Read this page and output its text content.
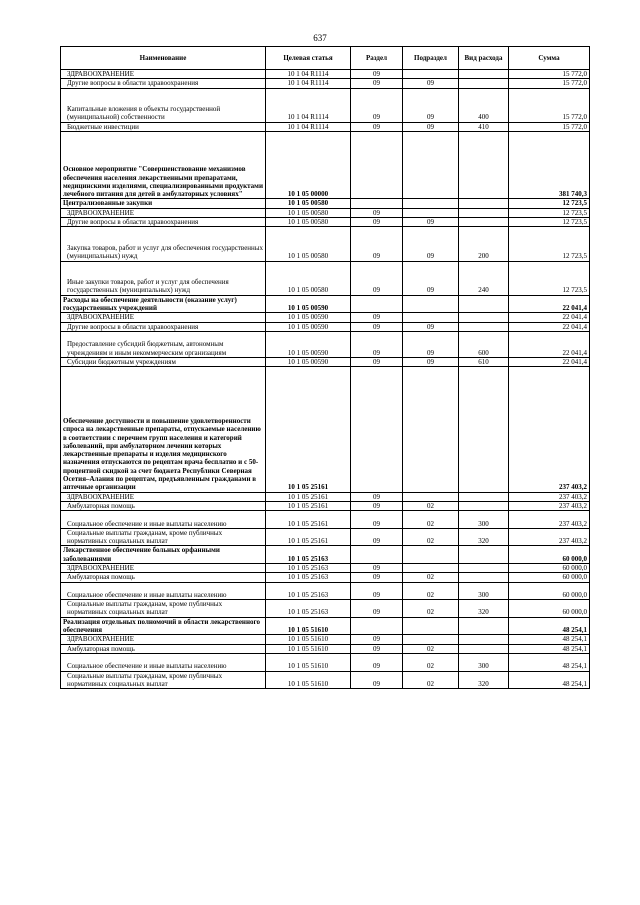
637
Наименование	Целевая статья	Раздел	Подраздел	Вид расхода	Сумма
ЗДРАВООХРАНЕНИЕ	10 1 04 R1114	09			15 772,0
Другие вопросы в области здравоохранения	10 1 04 R1114	09	09		15 772,0
Капитальные вложения в объекты государственной (муниципальной) собственности	10 1 04 R1114	09	09	400	15 772,0
Бюджетные инвестиции	10 1 04 R1114	09	09	410	15 772,0
Основное мероприятие "Совершенствование механизмов обеспечения населения лекарственными препаратами, медицинскими изделиями, специализированными продуктами лечебного питания для детей в амбулаторных условиях"	10 1 05 00000				381 740,3
Централизованные закупки	10 1 05 00580				12 723,5
ЗДРАВООХРАНЕНИЕ	10 1 05 00580	09			12 723,5
Другие вопросы в области здравоохранения	10 1 05 00580	09	09		12 723,5
Закупка товаров, работ и услуг для обеспечения государственных (муниципальных) нужд	10 1 05 00580	09	09	200	12 723,5
Иные закупки товаров, работ и услуг для обеспечения государственных (муниципальных) нужд	10 1 05 00580	09	09	240	12 723,5
Расходы на обеспечение деятельности (оказание услуг) государственных учреждений	10 1 05 00590				22 041,4
ЗДРАВООХРАНЕНИЕ	10 1 05 00590	09			22 041,4
Другие вопросы в области здравоохранения	10 1 05 00590	09	09		22 041,4
Предоставление субсидий бюджетным, автономным учреждениям и иным некоммерческим организациям	10 1 05 00590	09	09	600	22 041,4
Субсидии бюджетным учреждениям	10 1 05 00590	09	09	610	22 041,4
Обеспечение доступности и повышение удовлетворенности спроса на лекарственные препараты, отпускаемые населению в соответствии с перечнем групп населения и категорий заболеваний, при амбулаторном лечении которых лекарственные препараты и изделия медицинского назначения отпускаются по рецептам врача бесплатно и с 50-процентной скидкой за счет бюджета Республики Северная Осетия–Алания по рецептам, предъявленным гражданами в аптечные организации	10 1 05 25161				237 403,2
ЗДРАВООХРАНЕНИЕ	10 1 05 25161	09			237 403,2
Амбулаторная помощь	10 1 05 25161	09	02		237 403,2
Социальное обеспечение и иные выплаты населению	10 1 05 25161	09	02	300	237 403,2
Социальные выплаты гражданам, кроме публичных нормативных социальных выплат	10 1 05 25161	09	02	320	237 403,2
Лекарственное обеспечение больных орфанными заболеваниями	10 1 05 25163				60 000,0
ЗДРАВООХРАНЕНИЕ	10 1 05 25163	09			60 000,0
Амбулаторная помощь	10 1 05 25163	09	02		60 000,0
Социальное обеспечение и иные выплаты населению	10 1 05 25163	09	02	300	60 000,0
Социальные выплаты гражданам, кроме публичных нормативных социальных выплат	10 1 05 25163	09	02	320	60 000,0
Реализация отдельных полномочий в области лекарственного обеспечения	10 1 05 51610				48 254,1
ЗДРАВООХРАНЕНИЕ	10 1 05 51610	09			48 254,1
Амбулаторная помощь	10 1 05 51610	09	02		48 254,1
Социальное обеспечение и иные выплаты населению	10 1 05 51610	09	02	300	48 254,1
Социальные выплаты гражданам, кроме публичных нормативных социальных выплат	10 1 05 51610	09	02	320	48 254,1
